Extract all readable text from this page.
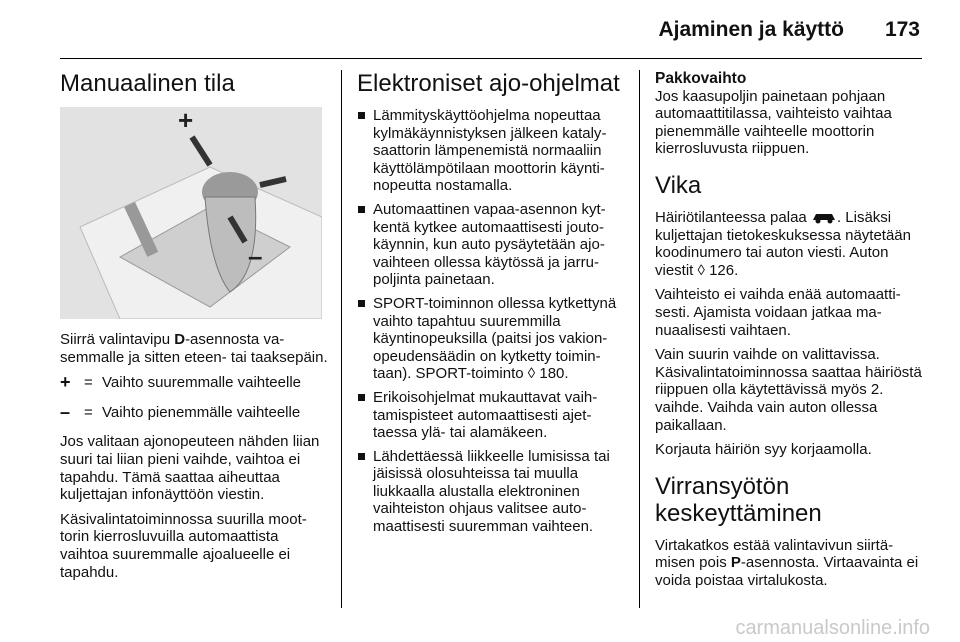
Ajaminen ja käyttö 173
Manuaalinen tila
+
–

Siirrä valintavipu D-asennosta vasemmalle ja sitten eteen- tai taaksepäin.

+ = Vaihto suuremmalle vaihteelle
– = Vaihto pienemmälle vaihteelle

Jos valitaan ajonopeuteen nähden liian suuri tai liian pieni vaihde, vaihtoa ei tapahdu. Tämä saattaa aiheuttaa kuljettajan infonäyttöön viestin.

Käsivalintatoiminnossa suurilla moottorin kierrosluvuilla automaattista vaihtoa suuremmalle ajoalueelle ei tapahdu.

Elektroniset ajo-ohjelmat
Lämmityskäyttöohjelma nopeuttaa kylmäkäynnistyksen jälkeen katalysaattorin lämpenemistä normaaliin käyttölämpötilaan moottorin käyntinopeutta nostamalla.
Automaattinen vapaa-asennon kytkentä kytkee automaattisesti joutokäynnin, kun auto pysäytetään ajovaihteen ollessa käytössä ja jarrupoljinta painetaan.
SPORT-toiminnon ollessa kytkettynä vaihto tapahtuu suuremmilla käyntinopeuksilla (paitsi jos vakionopeudensäädin on kytketty toimintaan). SPORT-toiminto ◊ 180.
Erikoisohjelmat mukauttavat vaihtamispisteet automaattisesti ajettaessa ylä- tai alamäkeen.
Lähdettäessä liikkeelle lumisissa tai jäisissä olosuhteissa tai muulla liukkaalla alustalla elektroninen vaihteiston ohjaus valitsee automaattisesti suuremman vaihteen.
Pakkovaihto

Jos kaasupoljin painetaan pohjaan automaattitilassa, vaihteisto vaihtaa pienemmälle vaihteelle moottorin kierrosluvusta riippuen.

Vika

Häiriötilanteessa palaa . Lisäksi kuljettajan tietokeskuksessa näytetään koodinumero tai auton viesti. Auton viestit ◊ 126.

Vaihteisto ei vaihda enää automaattisesti. Ajamista voidaan jatkaa manuaalisesti vaihtaen.

Vain suurin vaihde on valittavissa. Käsivalintatoiminnossa saattaa häiriöstä riippuen olla käytettävissä myös 2. vaihde. Vaihda vain auton ollessa paikallaan.

Korjauta häiriön syy korjaamolla.

Virransyötön keskeyttäminen

Virtakatkos estää valintavivun siirtämisen pois P-asennosta. Virtaavainta ei voida poistaa virtalukosta.

carmanualsonline.info
